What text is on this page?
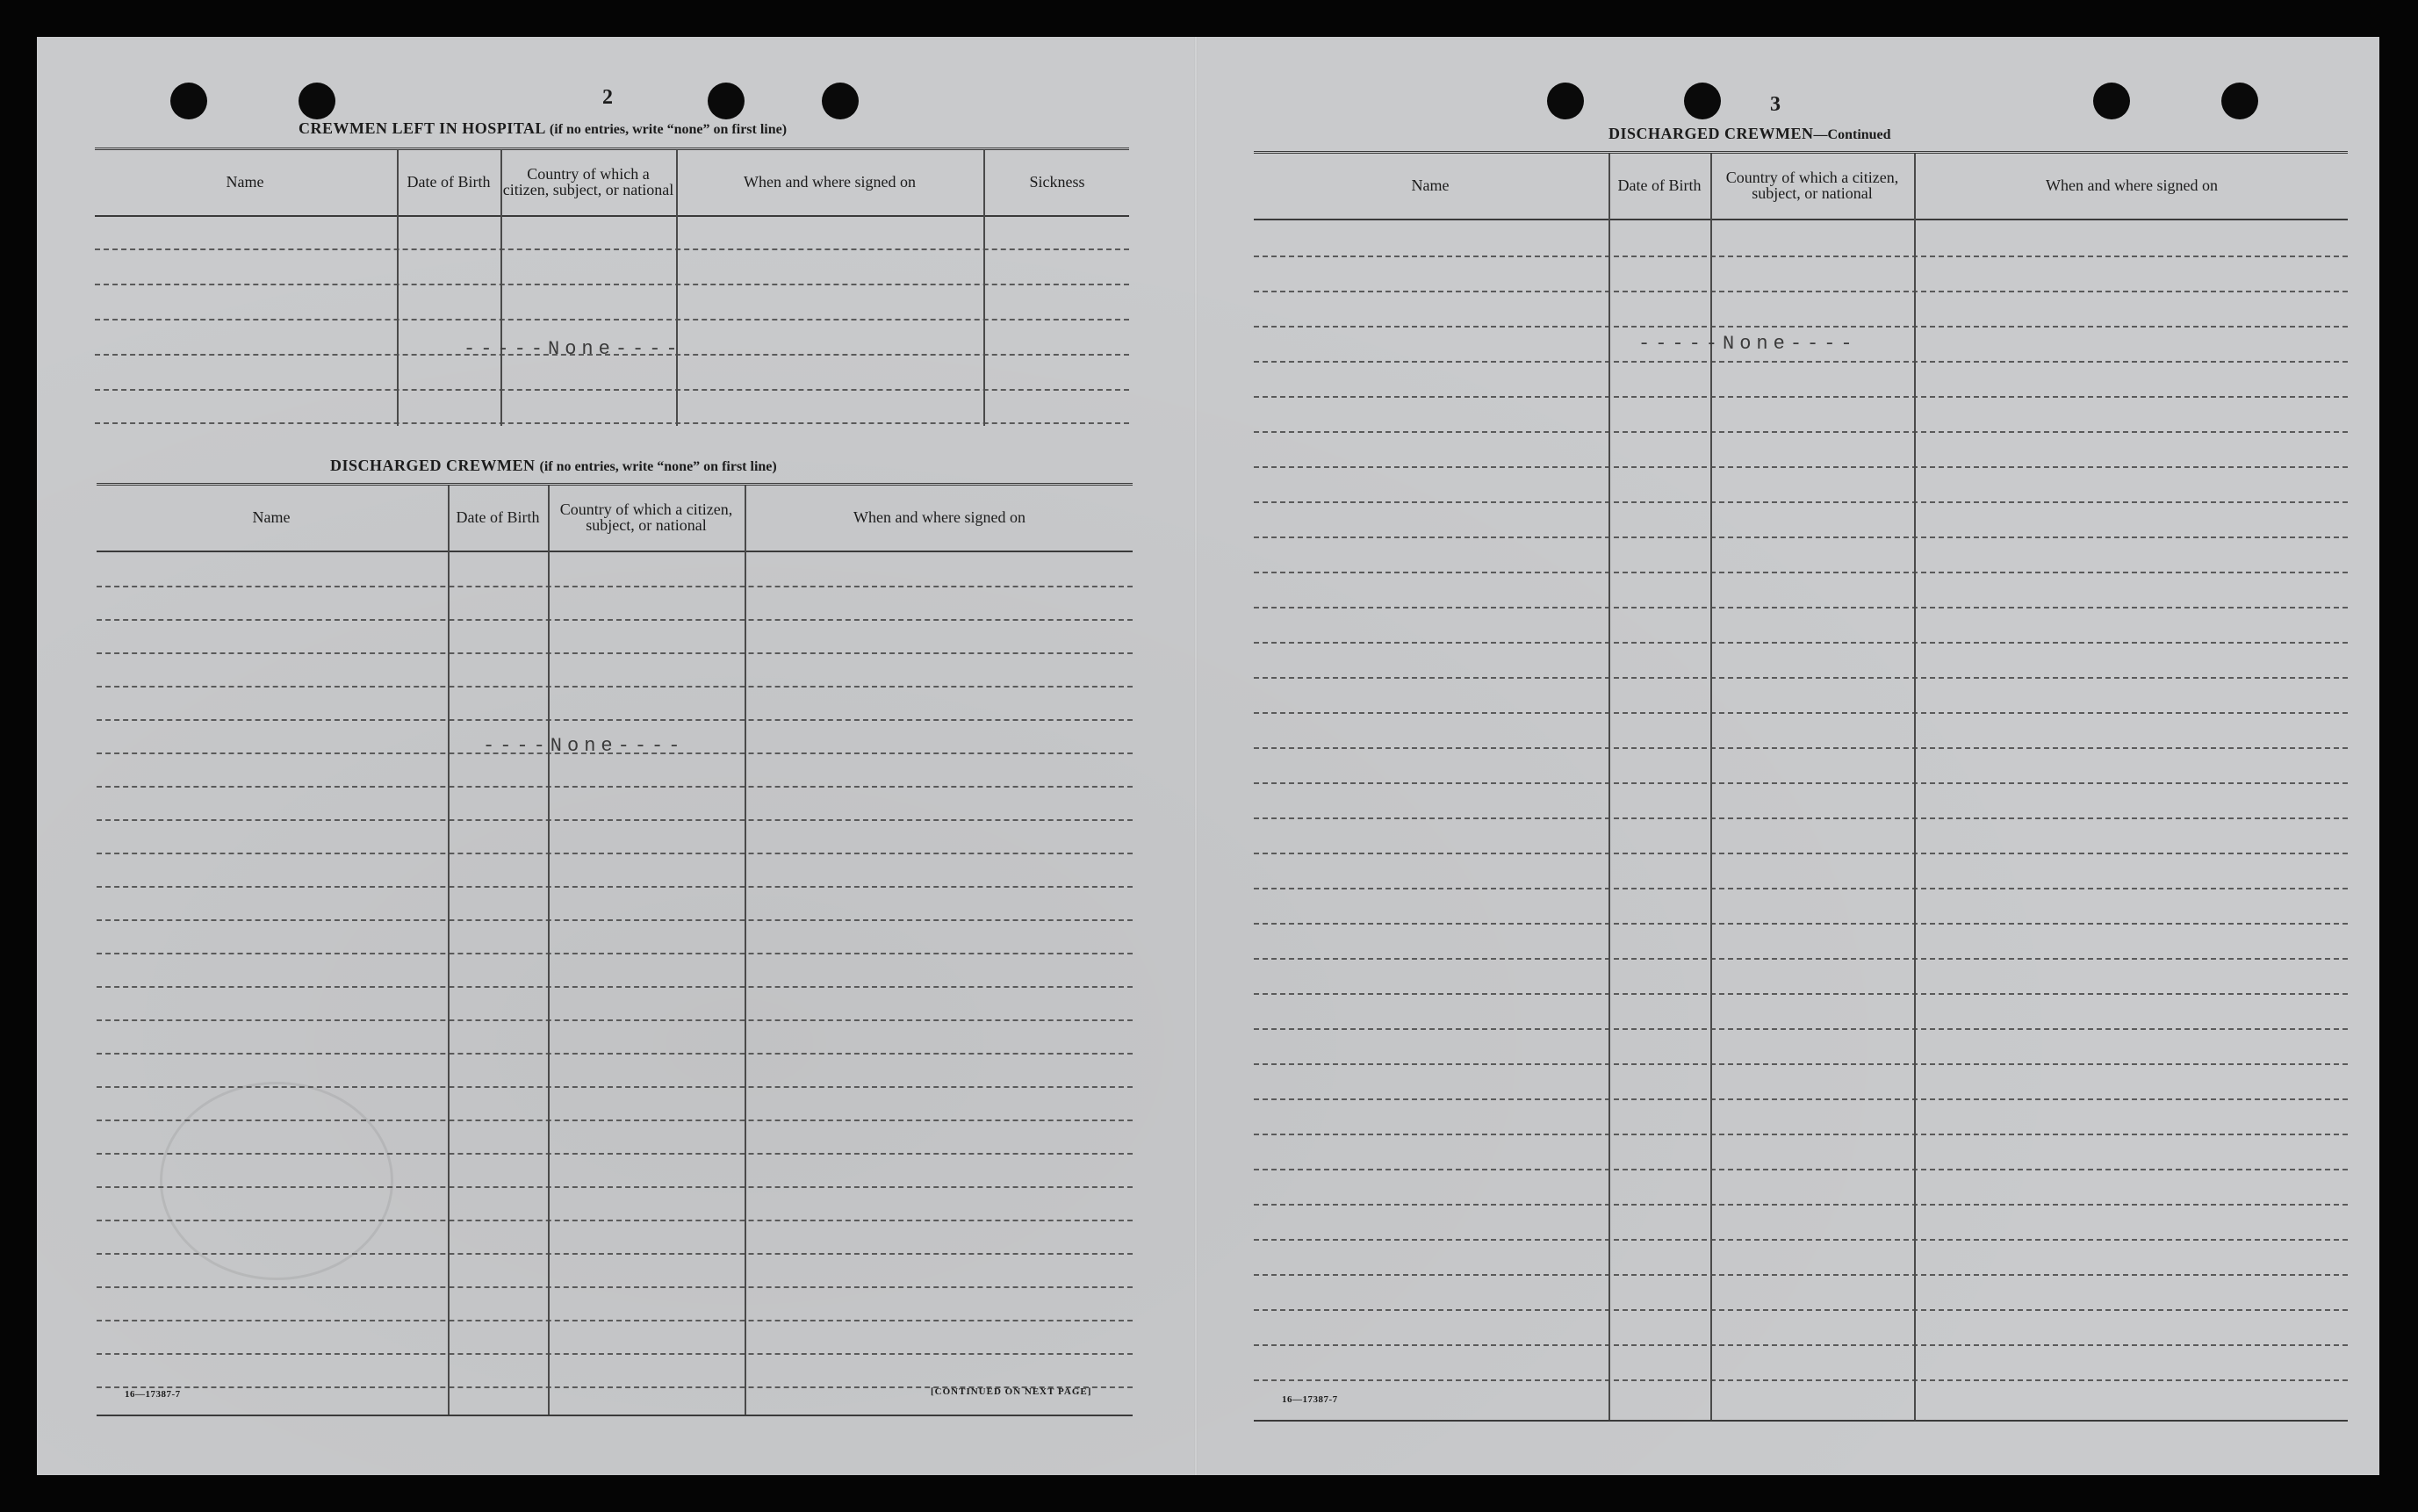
2
CREWMEN LEFT IN HOSPITAL (if no entries, write “none” on first line)
Name	Date of Birth	Country of which a citizen, subject, or national	When and where signed on	Sickness
-----None----
DISCHARGED CREWMEN (if no entries, write “none” on first line)
Name	Date of Birth	Country of which a citizen, subject, or national	When and where signed on
----None----
16—17387-7	[CONTINUED ON NEXT PAGE]
3
DISCHARGED CREWMEN—Continued
Name	Date of Birth	Country of which a citizen, subject, or national	When and where signed on
-----None----
16—17387-7
